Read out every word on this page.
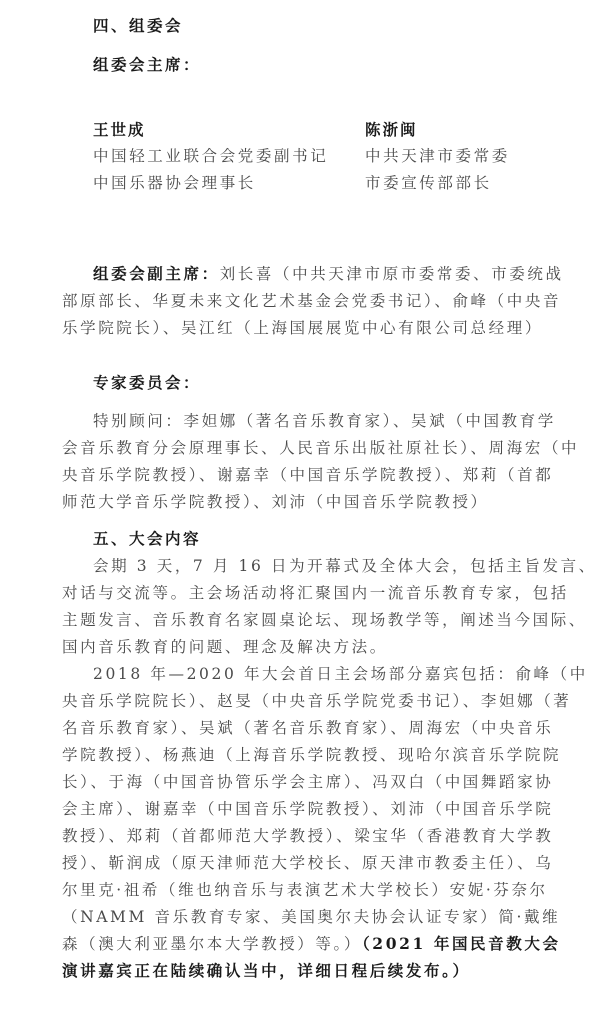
四、组委会
组委会主席：
王世成
中国轻工业联合会党委副书记
中国乐器协会理事长
陈浙闽
中共天津市委常委
市委宣传部部长
组委会副主席：刘长喜（中共天津市原市委常委、市委统战
部原部长、华夏未来文化艺术基金会党委书记）、俞峰（中央音
乐学院院长）、吴江红（上海国展展览中心有限公司总经理）
专家委员会：
特别顾问：李妲娜（著名音乐教育家）、吴斌（中国教育学
会音乐教育分会原理事长、人民音乐出版社原社长）、周海宏（中
央音乐学院教授）、谢嘉幸（中国音乐学院教授）、郑莉（首都
师范大学音乐学院教授）、刘沛（中国音乐学院教授）
五、大会内容
会期 3 天，7 月 16 日为开幕式及全体大会，包括主旨发言、
对话与交流等。主会场活动将汇聚国内一流音乐教育专家，包括
主题发言、音乐教育名家圆桌论坛、现场教学等，阐述当今国际、
国内音乐教育的问题、理念及解决方法。
2018 年—2020 年大会首日主会场部分嘉宾包括：俞峰（中
央音乐学院院长）、赵旻（中央音乐学院党委书记）、李妲娜（著
名音乐教育家）、吴斌（著名音乐教育家）、周海宏（中央音乐
学院教授）、杨燕迪（上海音乐学院教授、现哈尔滨音乐学院院
长）、于海（中国音协管乐学会主席）、冯双白（中国舞蹈家协
会主席）、谢嘉幸（中国音乐学院教授）、刘沛（中国音乐学院
教授）、郑莉（首都师范大学教授）、梁宝华（香港教育大学教
授）、靳润成（原天津师范大学校长、原天津市教委主任）、乌
尔里克·祖希（维也纳音乐与表演艺术大学校长）安妮·芬奈尔
（NAMM 音乐教育专家、美国奥尔夫协会认证专家）简·戴维
森（澳大利亚墨尔本大学教授）等。）（2021 年国民音教大会
演讲嘉宾正在陆续确认当中，详细日程后续发布。）
